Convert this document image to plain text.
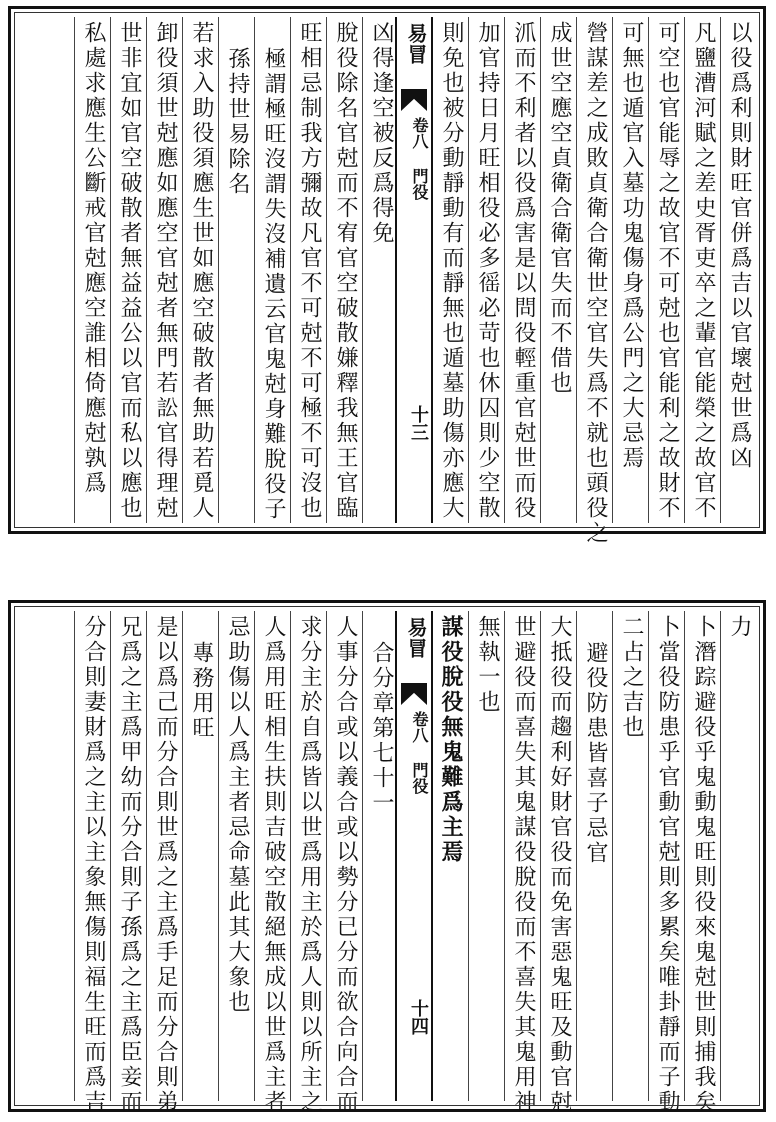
以役爲利則財旺官併爲吉以官壞尅世爲凶
凡鹽漕河賦之差史胥吏卒之輩官能榮之故官不
可空也官能辱之故官不可尅也官能利之故財不
可無也遁官入墓功鬼傷身爲公門之大忌焉
營謀差之成敗貞衛合衛世空官失爲不就也頭役之
成世空應空貞衛合衛官失而不借也
沠而不利者以役爲害是以問役輕重官尅世而役
加官持日月旺相役必多徭必苛也休囚則少空散
則免也被分動靜動有而靜無也遁墓助傷亦應大
易冒
卷八 門役
十三
凶得逢空被反爲得免
脫役除名官尅而不宥官空破散嫌釋我無王官臨
旺相忌制我方彌故凡官不可尅不可極不可沒也
極謂極旺沒謂失沒補遺云官鬼尅身難脫役子
孫持世易除名
若求入助役須應生世如應空破散者無助若覓人
卸役須世尅應如應空官尅者無門若訟官得理尅
世非宜如官空破散者無益益公以官而私以應也
私處求應生公斷戒官尅應空誰相倚應尅孰爲
力
卜潛踪避役乎鬼動鬼旺則役來鬼尅世則捕我矣
卜當役防患乎官動官尅則多累矣唯卦靜而子動
二占之吉也
避役防患皆喜子忌官
大抵役而趨利好財官役而免害惡鬼旺及動官尅
世避役而喜失其鬼謀役脫役而不喜失其鬼用神
無執一也
謀役脫役無鬼難爲主焉
易冒
卷八 門役
十四
合分章第七十一
人事分合或以義合或以勢分已分而欲合向合而
求分主於自爲皆以世爲用主於爲人則以所主之
人爲用旺相生扶則吉破空散絕無成以世爲主者
忌助傷以人爲主者忌命墓此其大象也
專務用旺
是以爲己而分合則世爲之主爲手足而分合則弟
兄爲之主爲甲幼而分合則子孫爲之主爲臣妾而
分合則妻財爲之主以主象無傷則福生旺而爲吉
